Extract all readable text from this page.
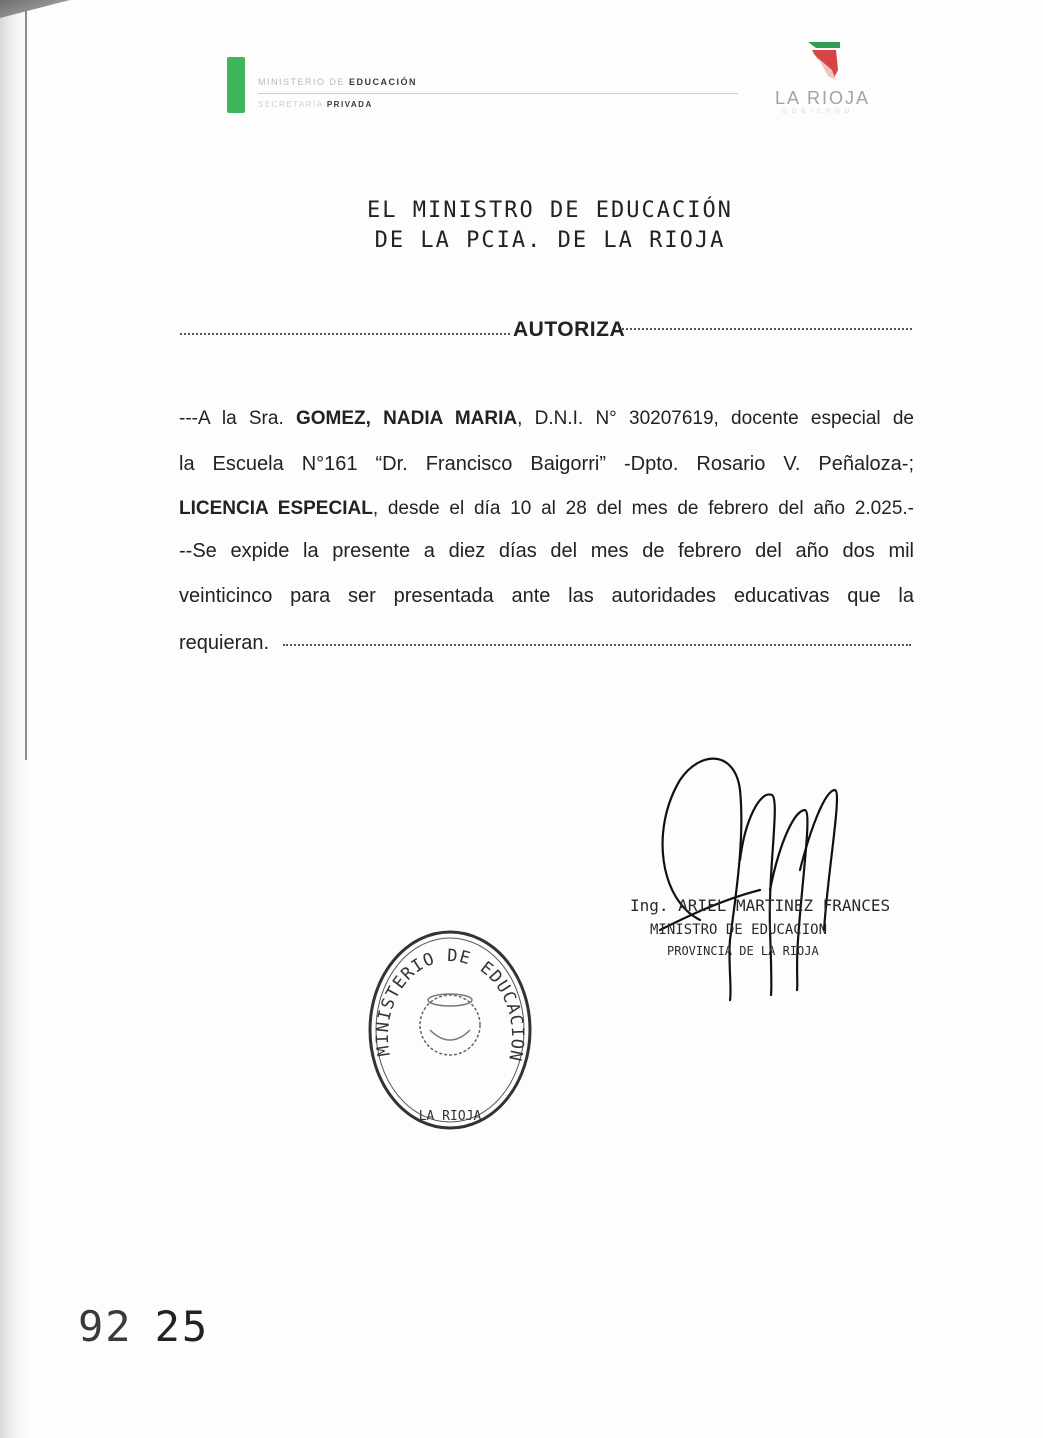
MINISTERIO DE EDUCACIÓN
SECRETARÍA PRIVADA	LA RIOJA
GOBIERNO
EL MINISTRO DE EDUCACIÓN
DE LA PCIA. DE LA RIOJA
AUTORIZA
---A la Sra. GOMEZ, NADIA MARIA, D.N.I. N° 30207619, docente especial de
la Escuela N°161 “Dr. Francisco Baigorri” -Dpto. Rosario V. Peñaloza-;
LICENCIA ESPECIAL, desde el día 10 al 28 del mes de febrero del año 2.025.-
--Se expide la presente a diez días del mes de febrero del año dos mil
veinticinco para ser presentada ante las autoridades educativas que la
requieran.
Ing. ARIEL MARTINEZ FRANCES
MINISTRO DE EDUCACION
PROVINCIA DE LA RIOJA
MINISTERIO DE EDUCACION
LA RIOJA
92 25
